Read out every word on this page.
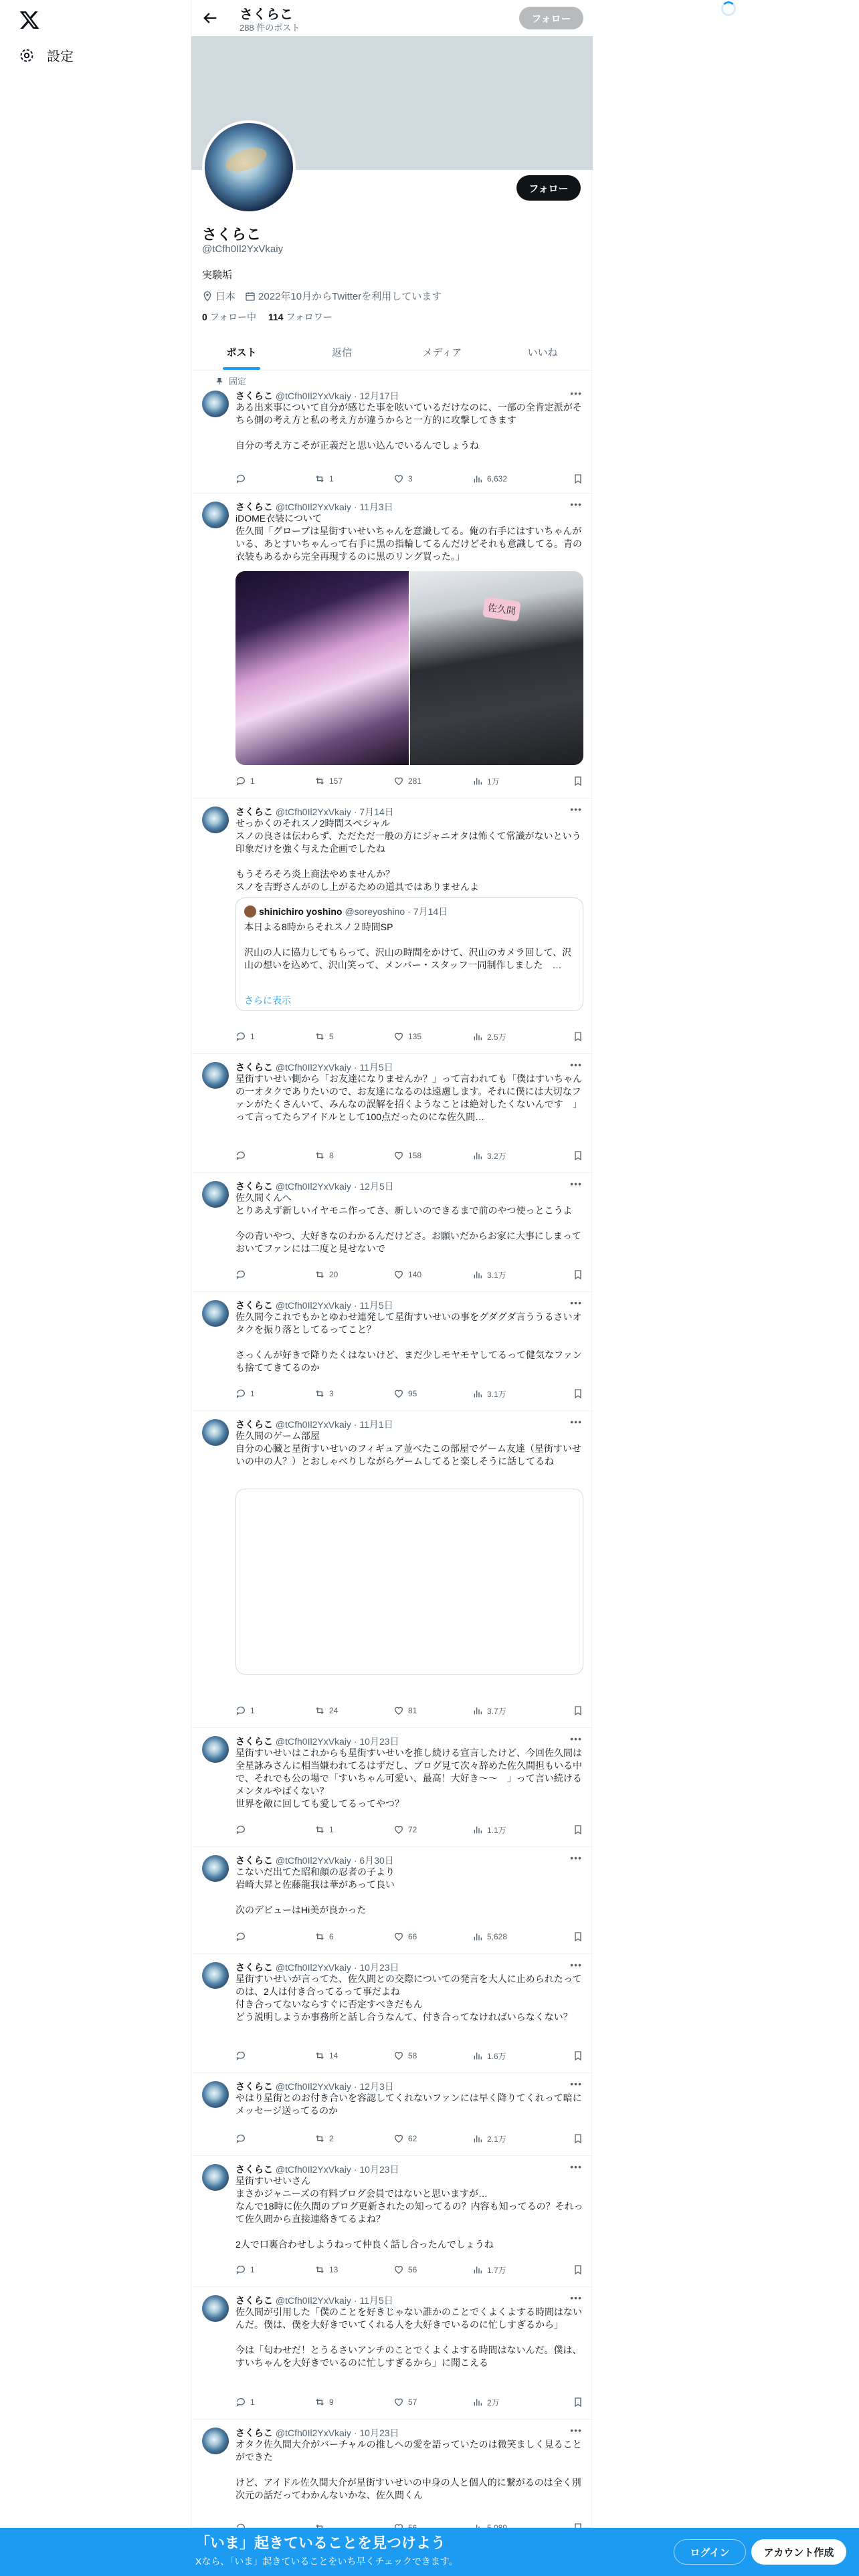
設定
さくらこ
288 件のポスト
フォロー
フォロー
さくらこ
@tCfh0Il2YxVkaiy
実験垢
日本 2022年10月からTwitterを利用しています
0 フォロー中 114 フォロワー
ポスト	返信	メディア	いいね
固定
さくらこ @tCfh0Il2YxVkaiy · 12月17日	•••
ある出来事について自分が感じた事を呟いているだけなのに、一部の全肯定派がそちら側の考え方と私の考え方が違うからと一方的に攻撃してきます

自分の考え方こそが正義だと思い込んでいるんでしょうね
1	3	6,632
さくらこ @tCfh0Il2YxVkaiy · 11月3日	•••
iDOME衣装について
佐久間「グローブは星街すいせいちゃんを意識してる。俺の右手にはすいちゃんがいる、あとすいちゃんって右手に黒の指輪してるんだけどそれも意識してる。青の衣装もあるから完全再現するのに黒のリング買った。」
佐久間
1	157	281	1万
さくらこ @tCfh0Il2YxVkaiy · 7月14日	•••
せっかくのそれスノ2時間スペシャル
スノの良さは伝わらず、ただただ一般の方にジャニオタは怖くて常識がないという印象だけを強く与えた企画でしたね

もうそろそろ炎上商法やめませんか？
スノを吉野さんがのし上がるための道具ではありませんよ
shinichiro yoshino @soreyoshino · 7月14日
本日よる8時からそれスノ２時間SP

沢山の人に協力してもらって、沢山の時間をかけて、沢山のカメラ回して、沢山の想いを込めて、沢山笑って、メンバー・スタッフ一同制作しました　…
さらに表示
1	5	135	2.5万
さくらこ @tCfh0Il2YxVkaiy · 11月5日	•••
星街すいせい側から「お友達になりませんか？」って言われても「僕はすいちゃんの一オタクでありたいので、お友達になるのは遠慮します。それに僕には大切なファンがたくさんいて、みんなの誤解を招くようなことは絶対したくないんです　」って言ってたらアイドルとして100点だったのにな佐久間…
8	158	3.2万
さくらこ @tCfh0Il2YxVkaiy · 12月5日	•••
佐久間くんへ
とりあえず新しいイヤモニ作ってさ、新しいのできるまで前のやつ使っとこうよ

今の青いやつ、大好きなのわかるんだけどさ。お願いだからお家に大事にしまっておいてファンには二度と見せないで
20	140	3.1万
さくらこ @tCfh0Il2YxVkaiy · 11月5日	•••
佐久間今これでもかとゆわせ連発して星街すいせいの事をグダグダ言ううるさいオタクを振り落としてるってこと？

さっくんが好きで降りたくはないけど、まだ少しモヤモヤしてるって健気なファンも捨ててきてるのか
1	3	95	3.1万
さくらこ @tCfh0Il2YxVkaiy · 11月1日	•••
佐久間のゲーム部屋
自分の心臓と星街すいせいのフィギュア並べたこの部屋でゲーム友達（星街すいせいの中の人？）とおしゃべりしながらゲームしてると楽しそうに話してるね
1	24	81	3.7万
さくらこ @tCfh0Il2YxVkaiy · 10月23日	•••
星街すいせいはこれからも星街すいせいを推し続ける宣言したけど、今回佐久間は全星詠みさんに相当嫌われてるはずだし、ブログ見て次々辞めた佐久間担もいる中で、それでも公の場で「すいちゃん可愛い、最高！大好き〜〜　」って言い続けるメンタルやばくない？
世界を敵に回しても愛してるってやつ？
1	72	1.1万
さくらこ @tCfh0Il2YxVkaiy · 6月30日	•••
こないだ出てた昭和顔の忍者の子より
岩崎大昇と佐藤龍我は華があって良い

次のデビューはHi美が良かった
6	66	5,628
さくらこ @tCfh0Il2YxVkaiy · 10月23日	•••
星街すいせいが言ってた、佐久間との交際についての発言を大人に止められたってのは、2人は付き合ってるって事だよね
付き合ってないならすぐに否定すべきだもん
どう説明しようか事務所と話し合うなんて、付き合ってなければいらなくない？
14	58	1.6万
さくらこ @tCfh0Il2YxVkaiy · 12月3日	•••
やはり星街とのお付き合いを容認してくれないファンには早く降りてくれって暗にメッセージ送ってるのか
2	62	2.1万
さくらこ @tCfh0Il2YxVkaiy · 10月23日	•••
星街すいせいさん
まさかジャニーズの有料ブログ会員ではないと思いますが…
なんで18時に佐久間のブログ更新されたの知ってるの？内容も知ってるの？それって佐久間から直接連絡きてるよね？

2人で口裏合わせしようねって仲良く話し合ったんでしょうね
1	13	56	1.7万
さくらこ @tCfh0Il2YxVkaiy · 11月5日	•••
佐久間が引用した「僕のことを好きじゃない誰かのことでくよくよする時間はないんだ。僕は、僕を大好きでいてくれる人を大好きでいるのに忙しすぎるから」

今は「匂わせだ！とうるさいアンチのことでくよくよする時間はないんだ。僕は、すいちゃんを大好きでいるのに忙しすぎるから」に聞こえる
1	9	57	2万
さくらこ @tCfh0Il2YxVkaiy · 10月23日	•••
オタク佐久間大介がバーチャルの推しへの愛を語っていたのは微笑ましく見ることができた

けど、アイドル佐久間大介が星街すいせいの中身の人と個人的に繋がるのは全く別次元の話だってわかんないかな、佐久間くん
「いま」起きていることを見つけよう
Xなら、「いま」起きていることをいち早くチェックできます。
ログイン	アカウント作成
